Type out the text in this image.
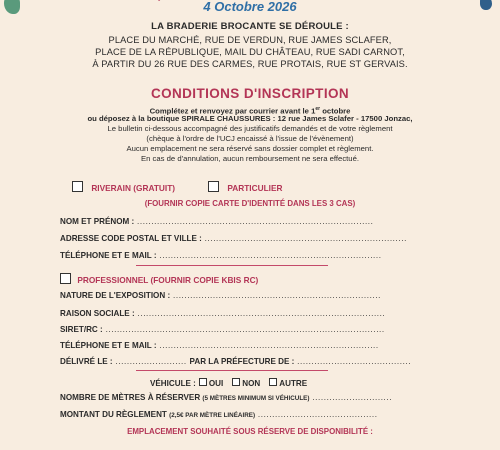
4 Octobre 2026
LA BRADERIE BROCANTE SE DÉROULE :
PLACE DU MARCHÉ, RUE DE VERDUN, RUE JAMES SCLAFER,
PLACE DE LA RÉPUBLIQUE, MAIL DU CHÂTEAU, RUE SADI CARNOT,
À PARTIR DU 26 RUE DES CARMES, RUE PROTAIS, RUE ST GERVAIS.
CONDITIONS D'INSCRIPTION
Complétez et renvoyez par courrier avant le 1er octobre
ou déposez à la boutique SPIRALE CHAUSSURES : 12 rue James Sclafer - 17500 Jonzac,
Le bulletin ci-dessous accompagné des justificatifs demandés et de votre règlement
(chèque à l'ordre de l'UCJ encaissé à l'issue de l'évènement)
Aucun emplacement ne sera réservé sans dossier complet et règlement.
En cas de d'annulation, aucun remboursement ne sera effectué.
RIVERAIN (GRATUIT)	PARTICULIER
(FOURNIR COPIE CARTE D'IDENTITÉ DANS LES 3 CAS)
NOM ET PRÉNOM : ...................................................................................
ADRESSE CODE POSTAL ET VILLE : .......................................................................
TÉLÉPHONE ET E MAIL : ..............................................................................
PROFESSIONNEL (FOURNIR COPIE KBIS RC)
NATURE DE L'EXPOSITION : .........................................................................
RAISON SOCIALE : .......................................................................................
SIRET/RC : ..................................................................................................
TÉLÉPHONE ET E MAIL : .............................................................................
DÉLIVRÉ LE : ......................... PAR LA PRÉFECTURE DE : ........................................
VÉHICULE : OUI NON AUTRE
NOMBRE DE MÈTRES À RÉSERVER (5 MÈTRES MINIMUM SI VÉHICULE) ............................
MONTANT DU RÈGLEMENT (2,5€ PAR MÈTRE LINÉAIRE) ..........................................
EMPLACEMENT SOUHAITÉ SOUS RÉSERVE DE DISPONIBILITÉ :
